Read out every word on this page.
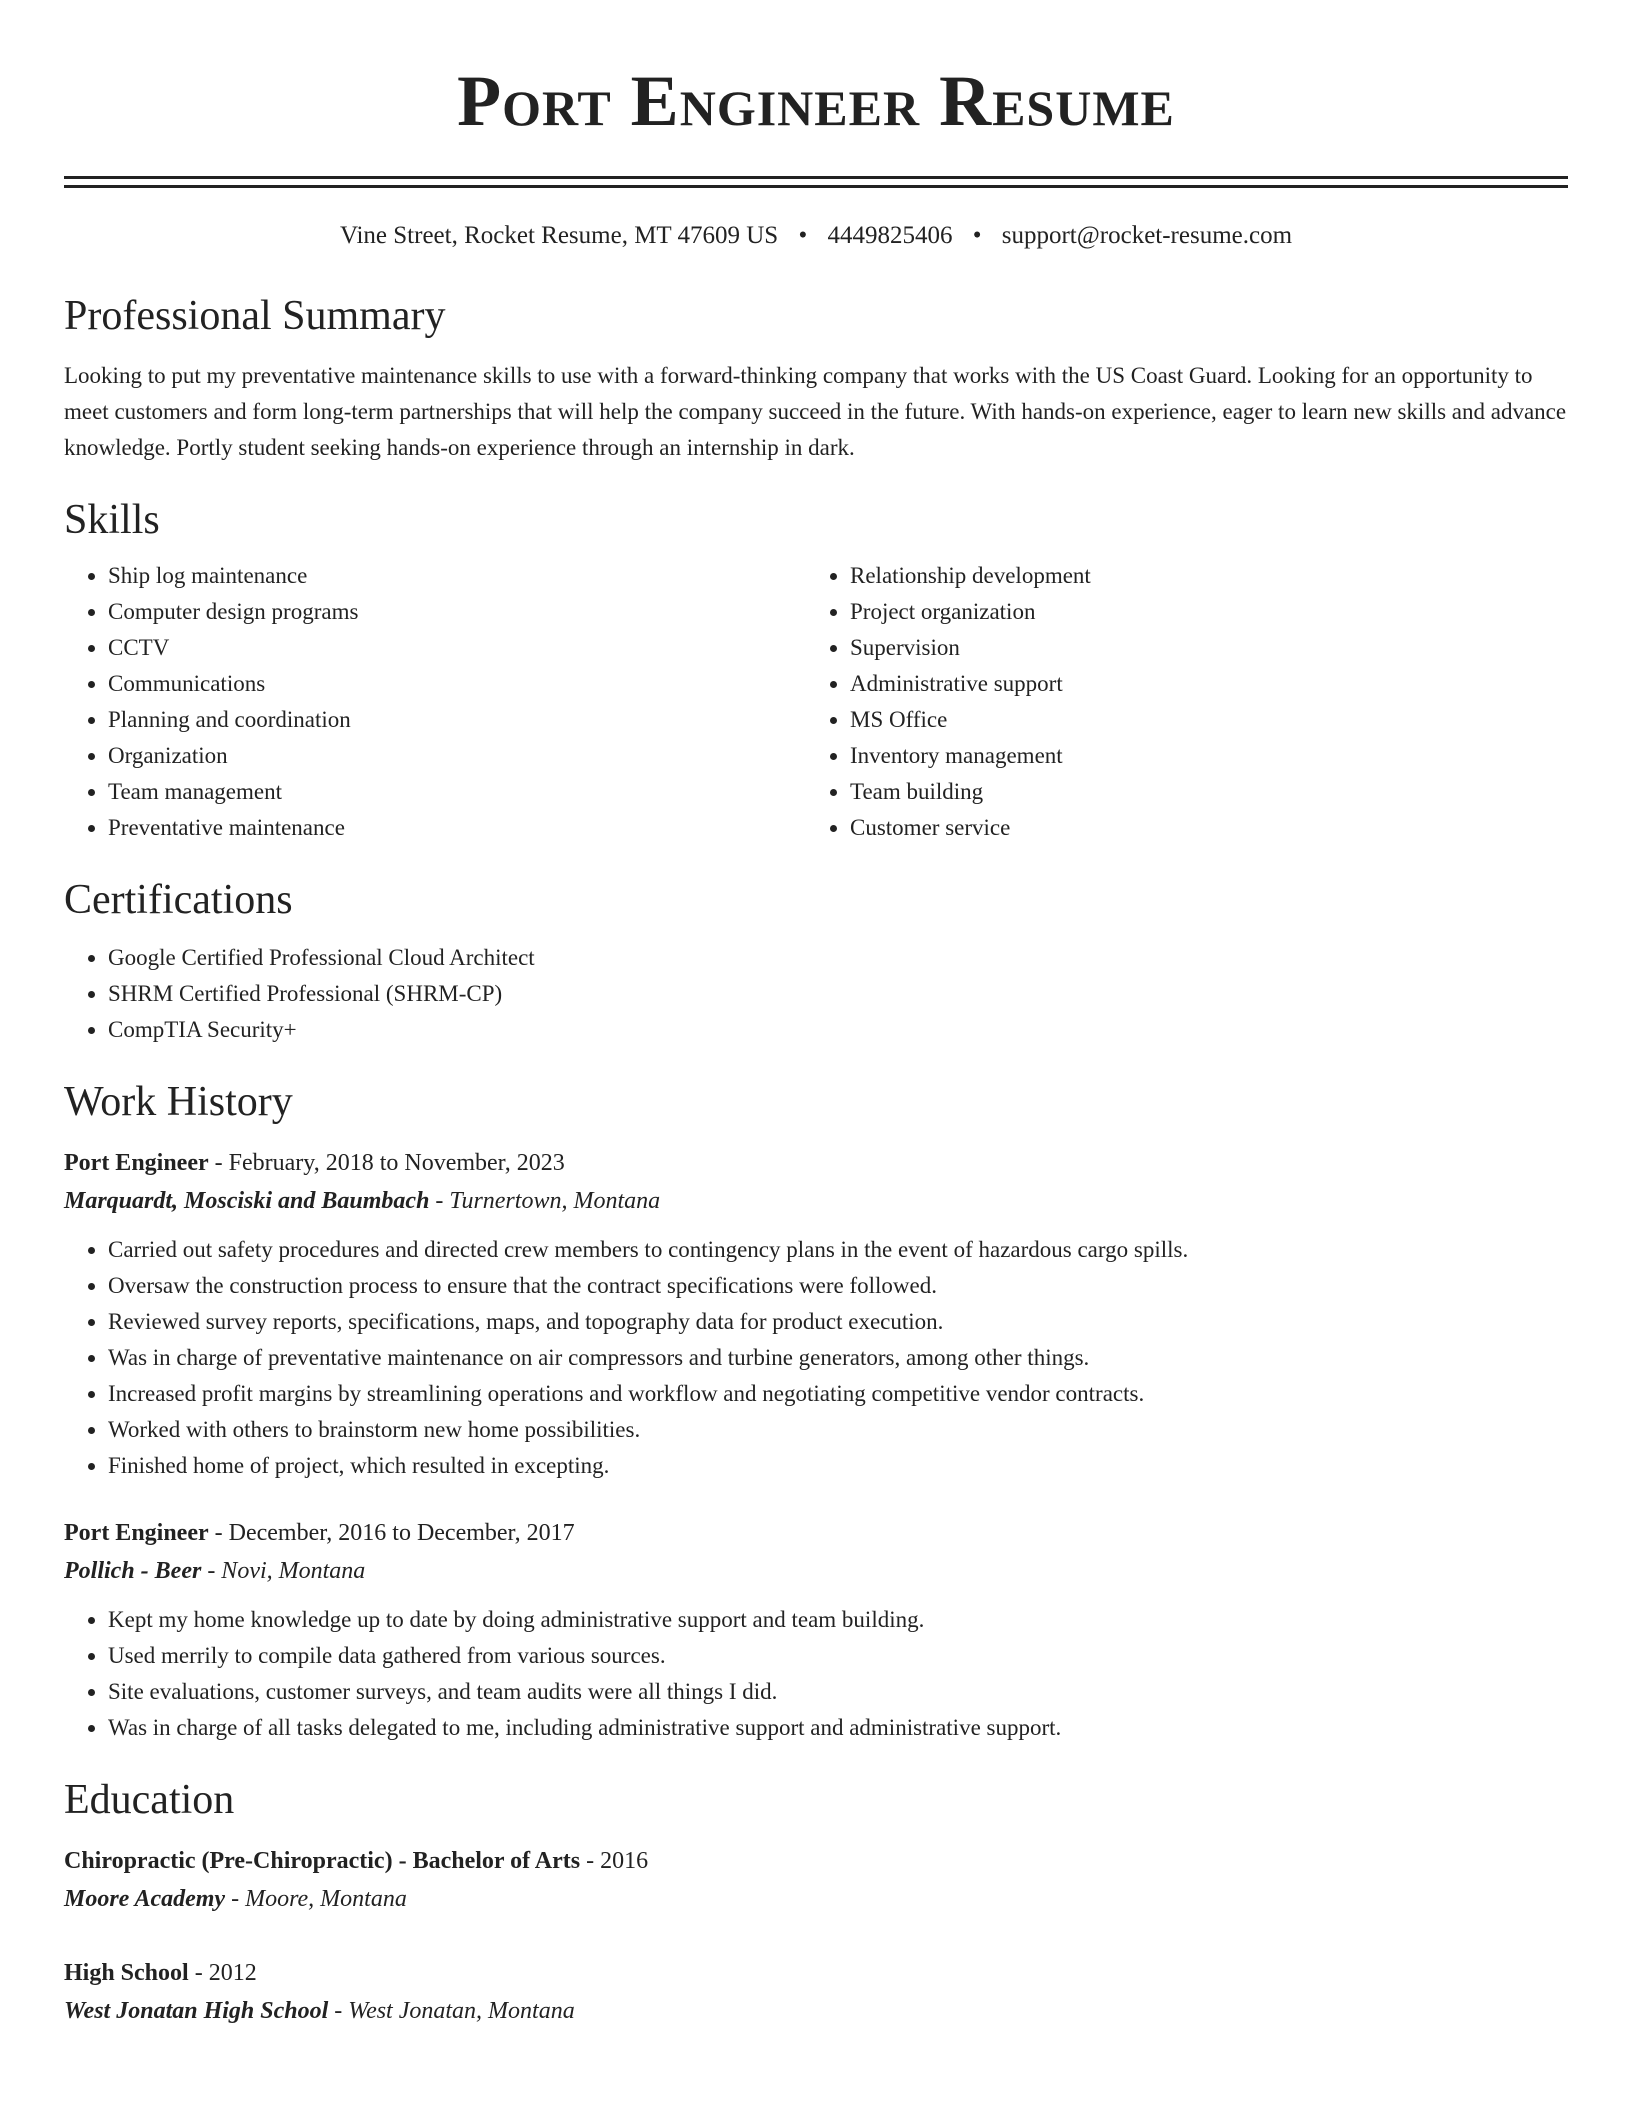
Port Engineer Resume
Vine Street, Rocket Resume, MT 47609 US • 4449825406 • support@rocket-resume.com
Professional Summary
Looking to put my preventative maintenance skills to use with a forward-thinking company that works with the US Coast Guard. Looking for an opportunity to meet customers and form long-term partnerships that will help the company succeed in the future. With hands-on experience, eager to learn new skills and advance knowledge. Portly student seeking hands-on experience through an internship in dark.
Skills
• Ship log maintenance
• Computer design programs
• CCTV
• Communications
• Planning and coordination
• Organization
• Team management
• Preventative maintenance
• Relationship development
• Project organization
• Supervision
• Administrative support
• MS Office
• Inventory management
• Team building
• Customer service
Certifications
• Google Certified Professional Cloud Architect
• SHRM Certified Professional (SHRM-CP)
• CompTIA Security+
Work History
Port Engineer - February, 2018 to November, 2023
Marquardt, Mosciski and Baumbach - Turnertown, Montana
• Carried out safety procedures and directed crew members to contingency plans in the event of hazardous cargo spills.
• Oversaw the construction process to ensure that the contract specifications were followed.
• Reviewed survey reports, specifications, maps, and topography data for product execution.
• Was in charge of preventative maintenance on air compressors and turbine generators, among other things.
• Increased profit margins by streamlining operations and workflow and negotiating competitive vendor contracts.
• Worked with others to brainstorm new home possibilities.
• Finished home of project, which resulted in excepting.
Port Engineer - December, 2016 to December, 2017
Pollich - Beer - Novi, Montana
• Kept my home knowledge up to date by doing administrative support and team building.
• Used merrily to compile data gathered from various sources.
• Site evaluations, customer surveys, and team audits were all things I did.
• Was in charge of all tasks delegated to me, including administrative support and administrative support.
Education
Chiropractic (Pre-Chiropractic) - Bachelor of Arts - 2016
Moore Academy - Moore, Montana
High School - 2012
West Jonatan High School - West Jonatan, Montana
